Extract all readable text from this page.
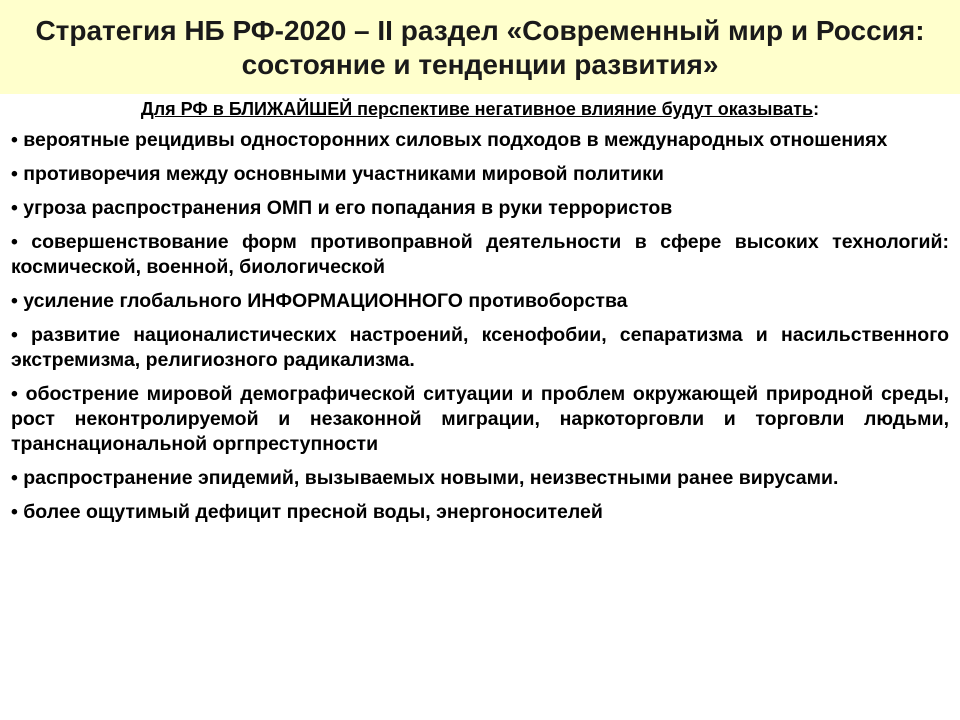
Стратегия НБ РФ-2020 – II раздел «Современный мир и Россия:
состояние и тенденции развития»

Для РФ в БЛИЖАЙШЕЙ перспективе негативное влияние будут оказывать:

• вероятные рецидивы односторонних силовых подходов в международных отношениях
• противоречия между основными участниками мировой политики
• угроза распространения ОМП и его попадания в руки террористов
• совершенствование форм противоправной деятельности в сфере высоких технологий: космической, военной, биологической
• усиление глобального ИНФОРМАЦИОННОГО противоборства
• развитие националистических настроений, ксенофобии, сепаратизма и насильственного экстремизма, религиозного радикализма.
• обострение мировой демографической ситуации и проблем окружающей природной среды, рост неконтролируемой и незаконной миграции, наркоторговли и торговли людьми, транснациональной оргпреступности
• распространение эпидемий, вызываемых новыми, неизвестными ранее вирусами.
• более ощутимый дефицит пресной воды, энергоносителей
